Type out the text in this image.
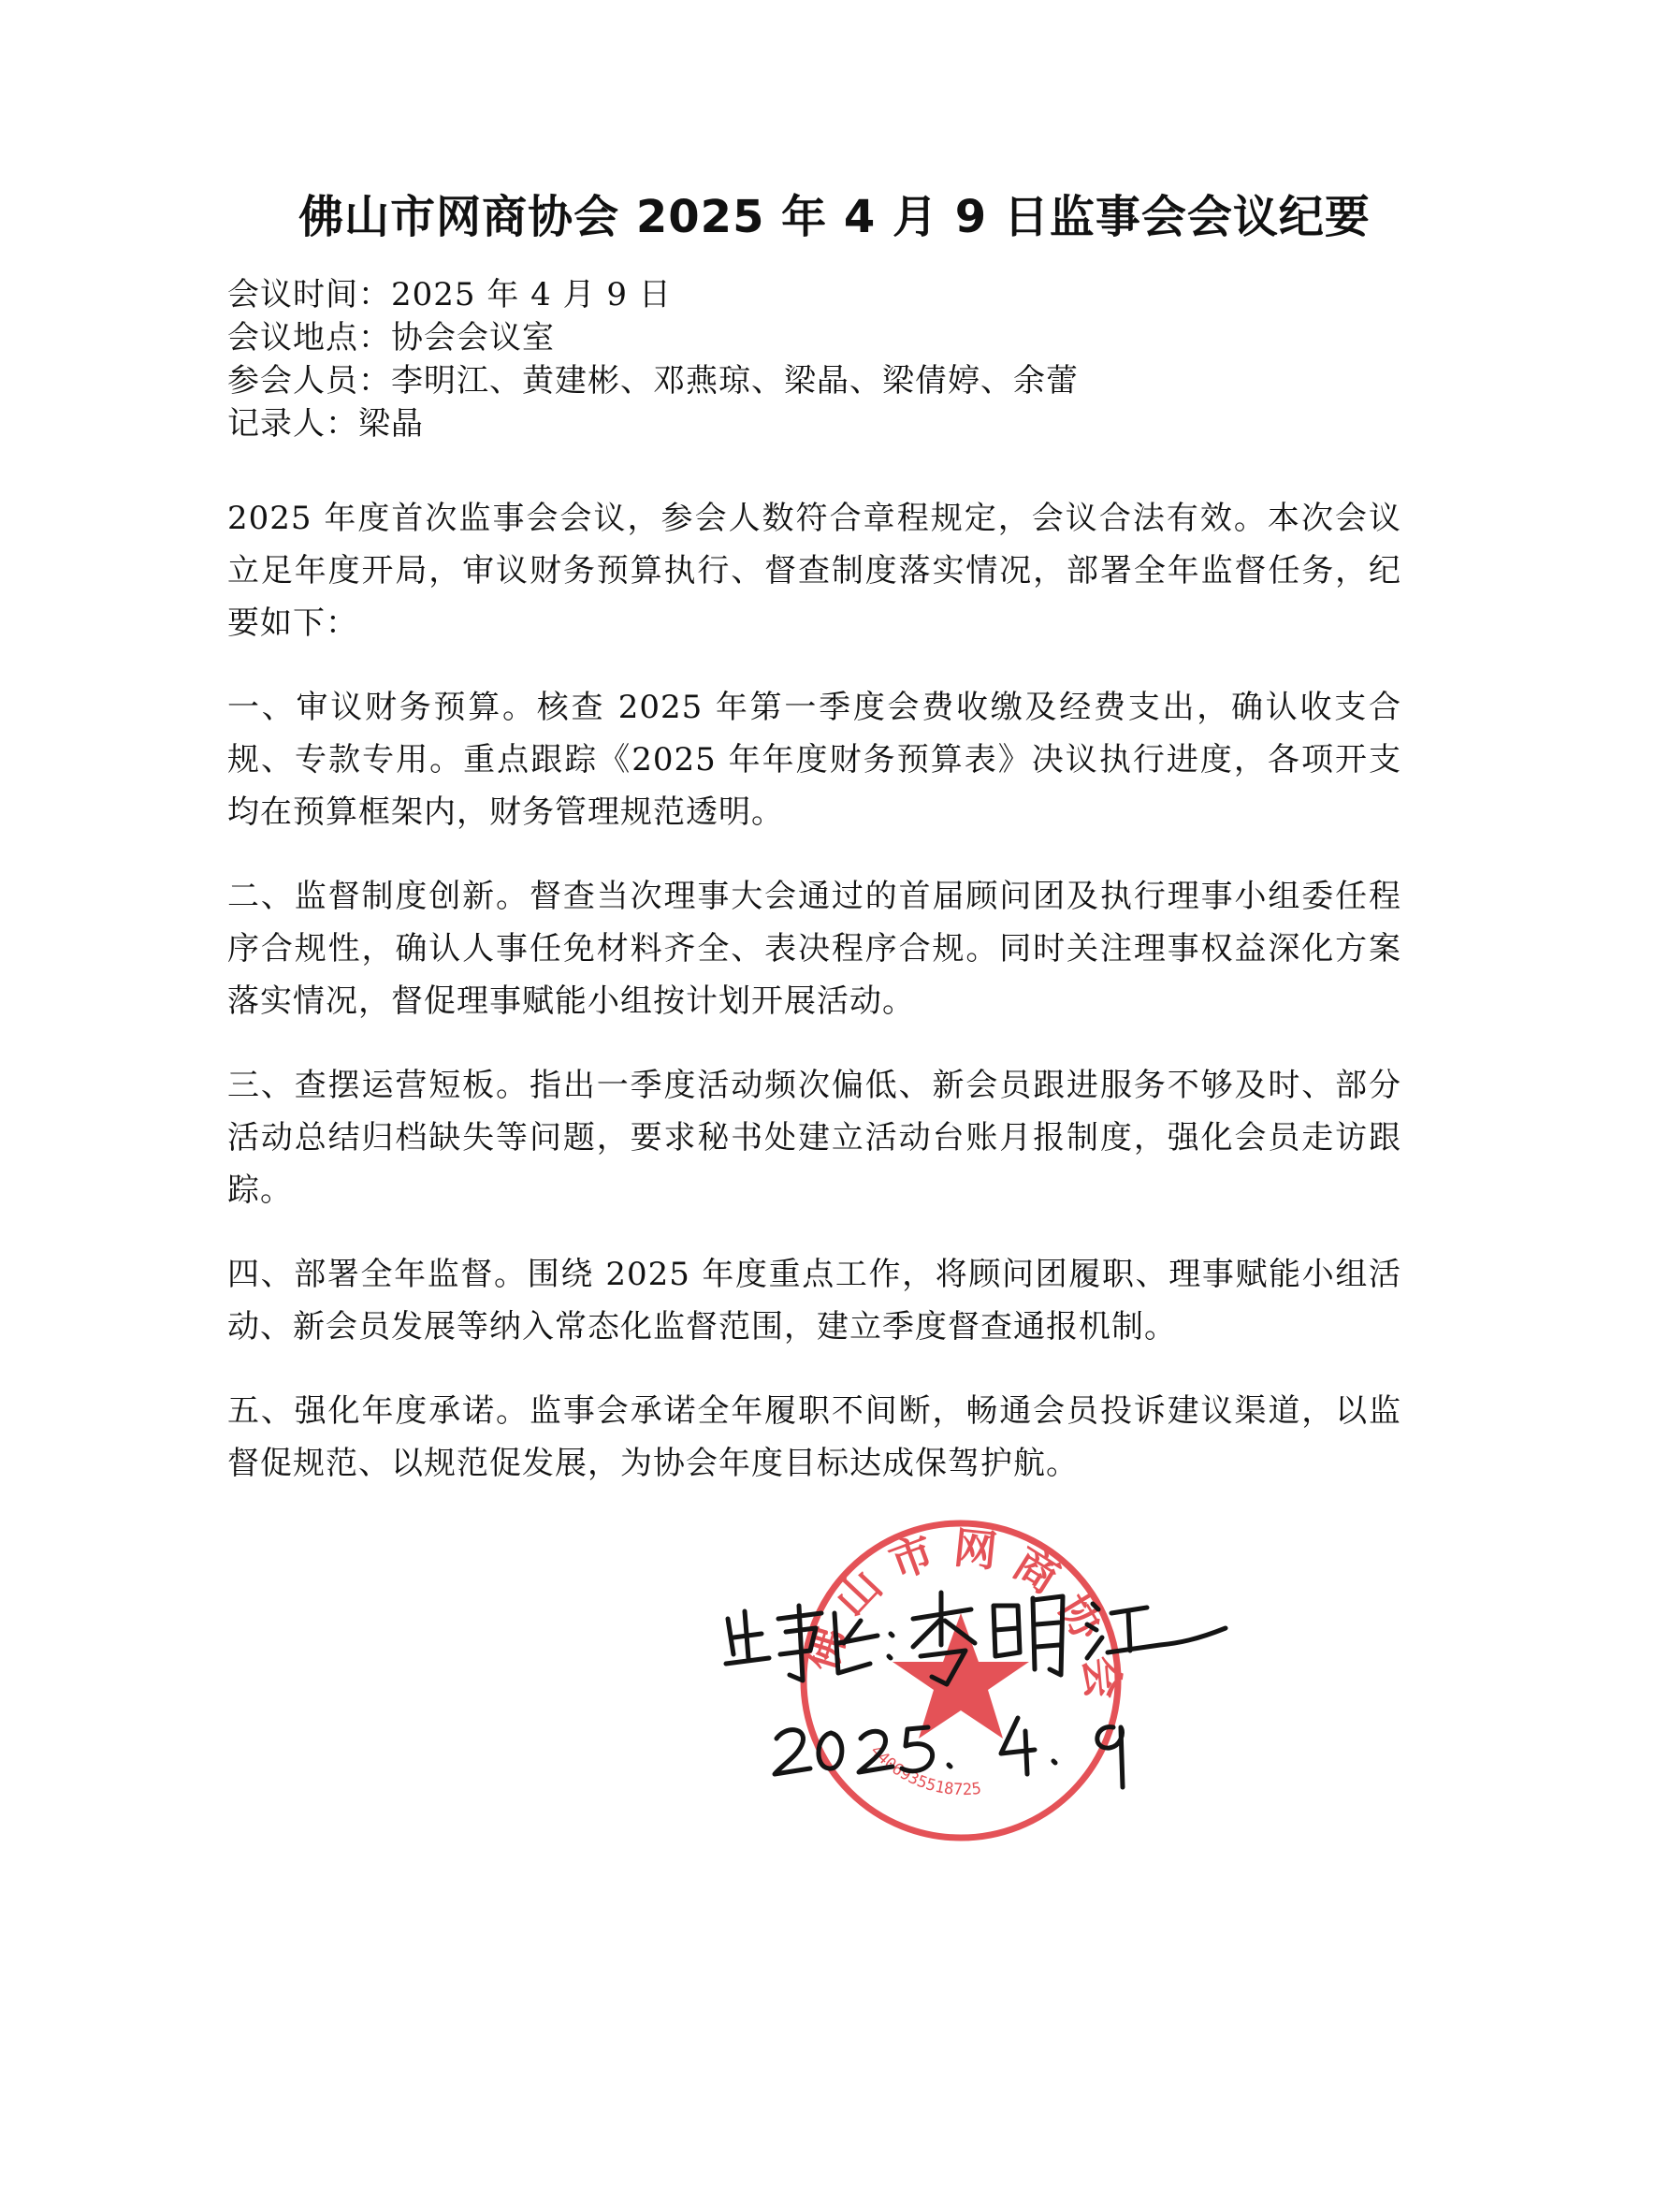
佛山市网商协会 2025 年 4 月 9 日监事会会议纪要
会议时间：2025 年 4 月 9 日
会议地点：协会会议室
参会人员：李明江、黄建彬、邓燕琼、梁晶、梁倩婷、余蕾
记录人：梁晶

2025 年度首次监事会会议，参会人数符合章程规定，会议合法有效。本次会议立足年度开局，审议财务预算执行、督查制度落实情况，部署全年监督任务，纪要如下：

一、审议财务预算。核查 2025 年第一季度会费收缴及经费支出，确认收支合规、专款专用。重点跟踪《2025 年年度财务预算表》决议执行进度，各项开支均在预算框架内，财务管理规范透明。

二、监督制度创新。督查当次理事大会通过的首届顾问团及执行理事小组委任程序合规性，确认人事任免材料齐全、表决程序合规。同时关注理事权益深化方案落实情况，督促理事赋能小组按计划开展活动。

三、查摆运营短板。指出一季度活动频次偏低、新会员跟进服务不够及时、部分活动总结归档缺失等问题，要求秘书处建立活动台账月报制度，强化会员走访跟踪。

四、部署全年监督。围绕 2025 年度重点工作，将顾问团履职、理事赋能小组活动、新会员发展等纳入常态化监督范围，建立季度督查通报机制。

五、强化年度承诺。监事会承诺全年履职不间断，畅通会员投诉建议渠道，以监督促规范、以规范促发展，为协会年度目标达成保驾护航。

佛 山 市 网 商 协 会
4406935518725
